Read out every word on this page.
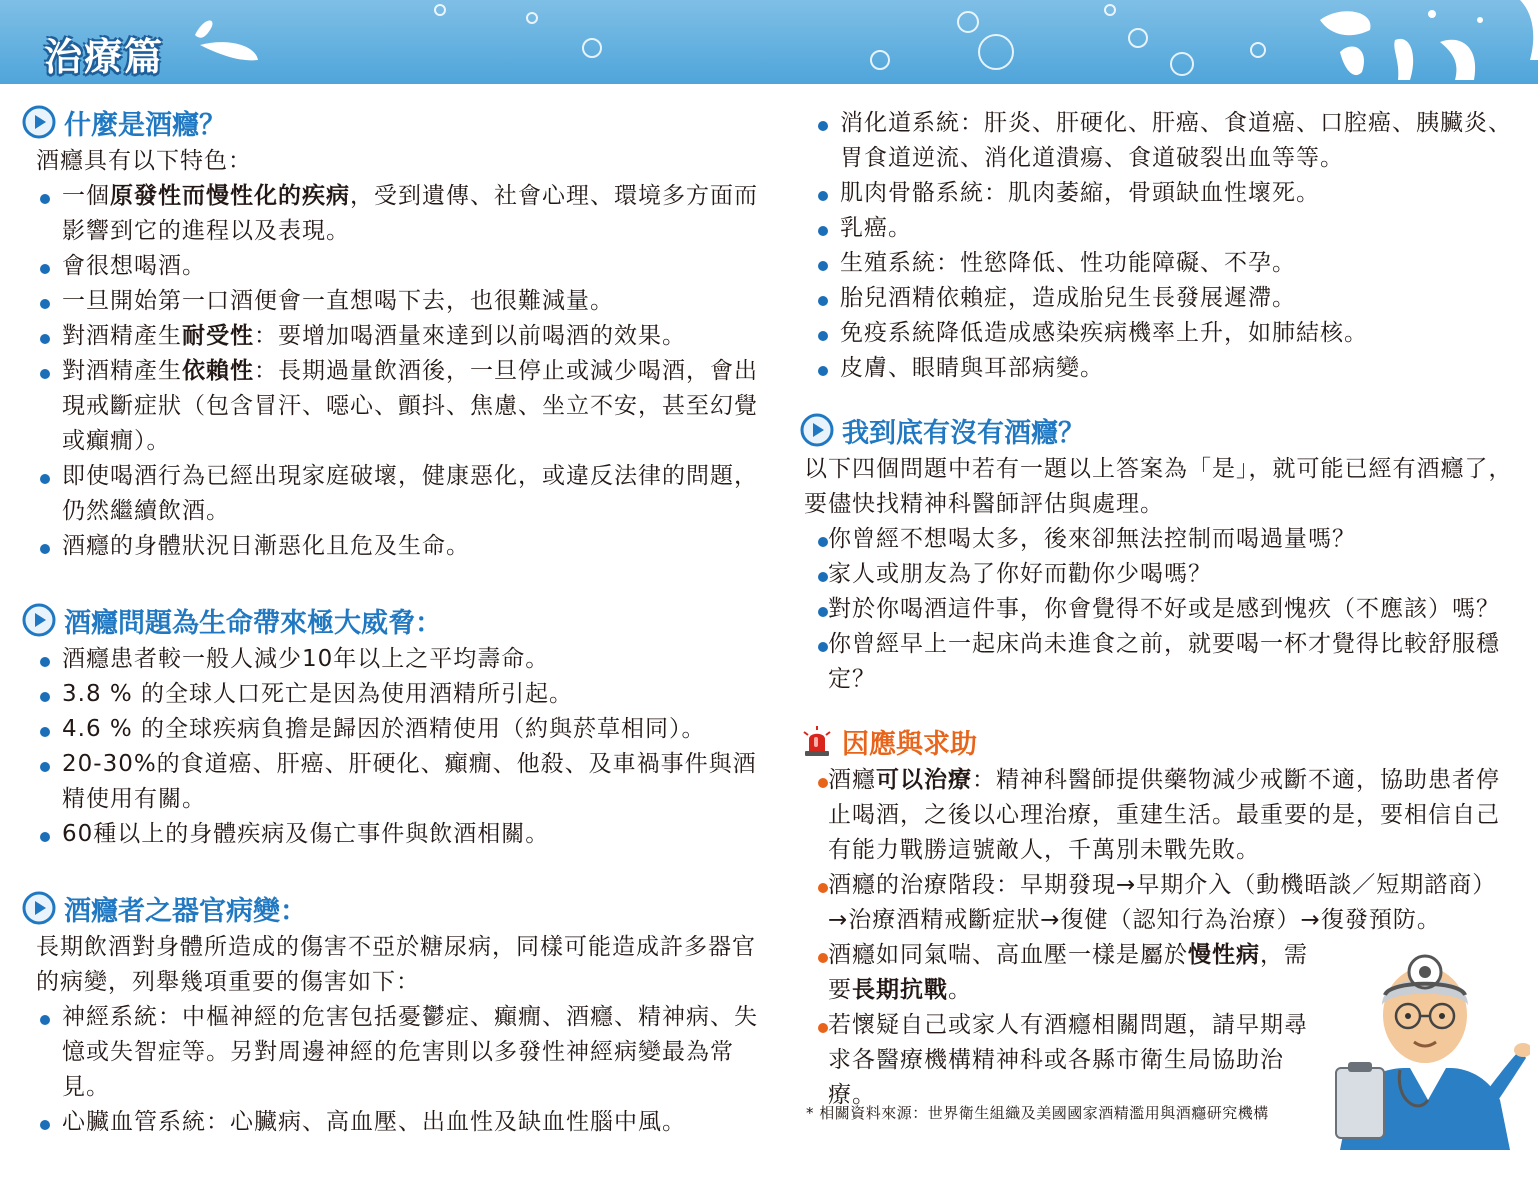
治療篇
什麼是酒癮？
酒癮具有以下特色：
一個原發性而慢性化的疾病，受到遺傳、社會心理、環境多方面而影響到它的進程以及表現。
會很想喝酒。
一旦開始第一口酒便會一直想喝下去，也很難減量。
對酒精產生耐受性：要增加喝酒量來達到以前喝酒的效果。
對酒精產生依賴性：長期過量飲酒後，一旦停止或減少喝酒，會出現戒斷症狀（包含冒汗、噁心、顫抖、焦慮、坐立不安，甚至幻覺或癲癇）。
即使喝酒行為已經出現家庭破壞，健康惡化，或違反法律的問題，仍然繼續飲酒。
酒癮的身體狀況日漸惡化且危及生命。
酒癮問題為生命帶來極大威脅：
酒癮患者較一般人減少10年以上之平均壽命。
3.8 % 的全球人口死亡是因為使用酒精所引起。
4.6 % 的全球疾病負擔是歸因於酒精使用（約與菸草相同）。
20-30%的食道癌、肝癌、肝硬化、癲癇、他殺、及車禍事件與酒精使用有關。
60種以上的身體疾病及傷亡事件與飲酒相關。
酒癮者之器官病變：
長期飲酒對身體所造成的傷害不亞於糖尿病，同樣可能造成許多器官的病變，列舉幾項重要的傷害如下：
神經系統：中樞神經的危害包括憂鬱症、癲癇、酒癮、精神病、失憶或失智症等。另對周邊神經的危害則以多發性神經病變最為常見。
心臟血管系統：心臟病、高血壓、出血性及缺血性腦中風。
消化道系統：肝炎、肝硬化、肝癌、食道癌、口腔癌、胰臟炎、胃食道逆流、消化道潰瘍、食道破裂出血等等。
肌肉骨骼系統：肌肉萎縮，骨頭缺血性壞死。
乳癌。
生殖系統：性慾降低、性功能障礙、不孕。
胎兒酒精依賴症，造成胎兒生長發展遲滯。
免疫系統降低造成感染疾病機率上升，如肺結核。
皮膚、眼睛與耳部病變。
我到底有沒有酒癮？
以下四個問題中若有一題以上答案為「是」，就可能已經有酒癮了，要儘快找精神科醫師評估與處理。
你曾經不想喝太多，後來卻無法控制而喝過量嗎？
家人或朋友為了你好而勸你少喝嗎？
對於你喝酒這件事，你會覺得不好或是感到愧疚（不應該）嗎？
你曾經早上一起床尚未進食之前，就要喝一杯才覺得比較舒服穩定？
因應與求助
酒癮可以治療：精神科醫師提供藥物減少戒斷不適，協助患者停止喝酒，之後以心理治療，重建生活。最重要的是，要相信自己有能力戰勝這號敵人，千萬別未戰先敗。
酒癮的治療階段：早期發現→早期介入（動機晤談／短期諮商）→治療酒精戒斷症狀→復健（認知行為治療）→復發預防。
酒癮如同氣喘、高血壓一樣是屬於慢性病，需要長期抗戰。
若懷疑自己或家人有酒癮相關問題，請早期尋求各醫療機構精神科或各縣市衛生局協助治療。
* 相關資料來源：世界衛生組織及美國國家酒精濫用與酒癮研究機構
